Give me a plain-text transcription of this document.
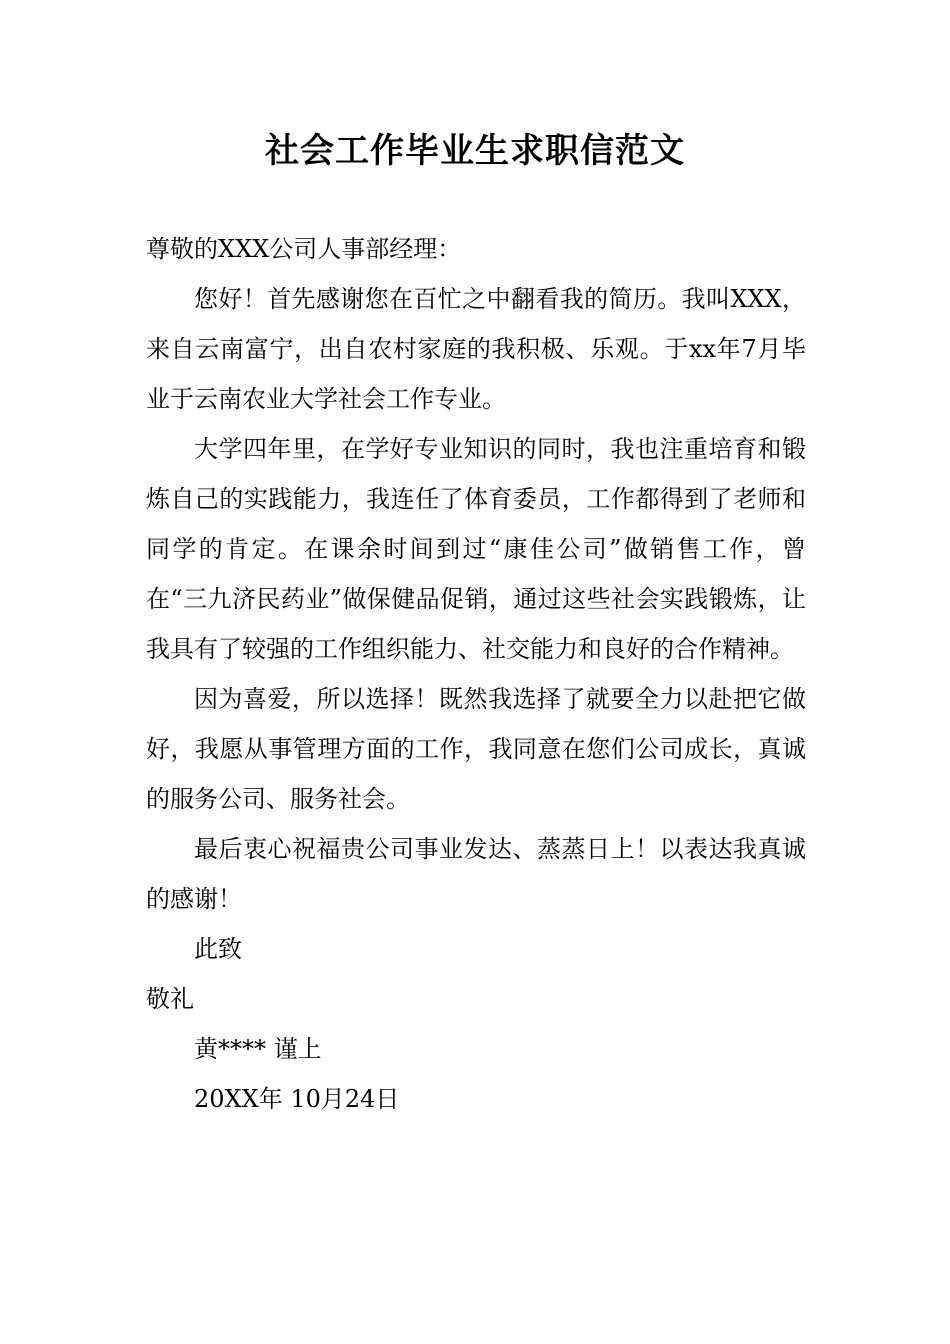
社会工作毕业生求职信范文

尊敬的XXX公司人事部经理：

您好！首先感谢您在百忙之中翻看我的简历。我叫XXX，来自云南富宁，出自农村家庭的我积极、乐观。于xx年7月毕业于云南农业大学社会工作专业。

大学四年里，在学好专业知识的同时，我也注重培育和锻炼自己的实践能力，我连任了体育委员，工作都得到了老师和同学的肯定。在课余时间到过“康佳公司”做销售工作，曾在“三九济民药业”做保健品促销，通过这些社会实践锻炼，让我具有了较强的工作组织能力、社交能力和良好的合作精神。

因为喜爱，所以选择！既然我选择了就要全力以赴把它做好，我愿从事管理方面的工作，我同意在您们公司成长，真诚的服务公司、服务社会。

最后衷心祝福贵公司事业发达、蒸蒸日上！以表达我真诚的感谢！

此致

敬礼

黄**** 谨上

20XX年 10月24日
